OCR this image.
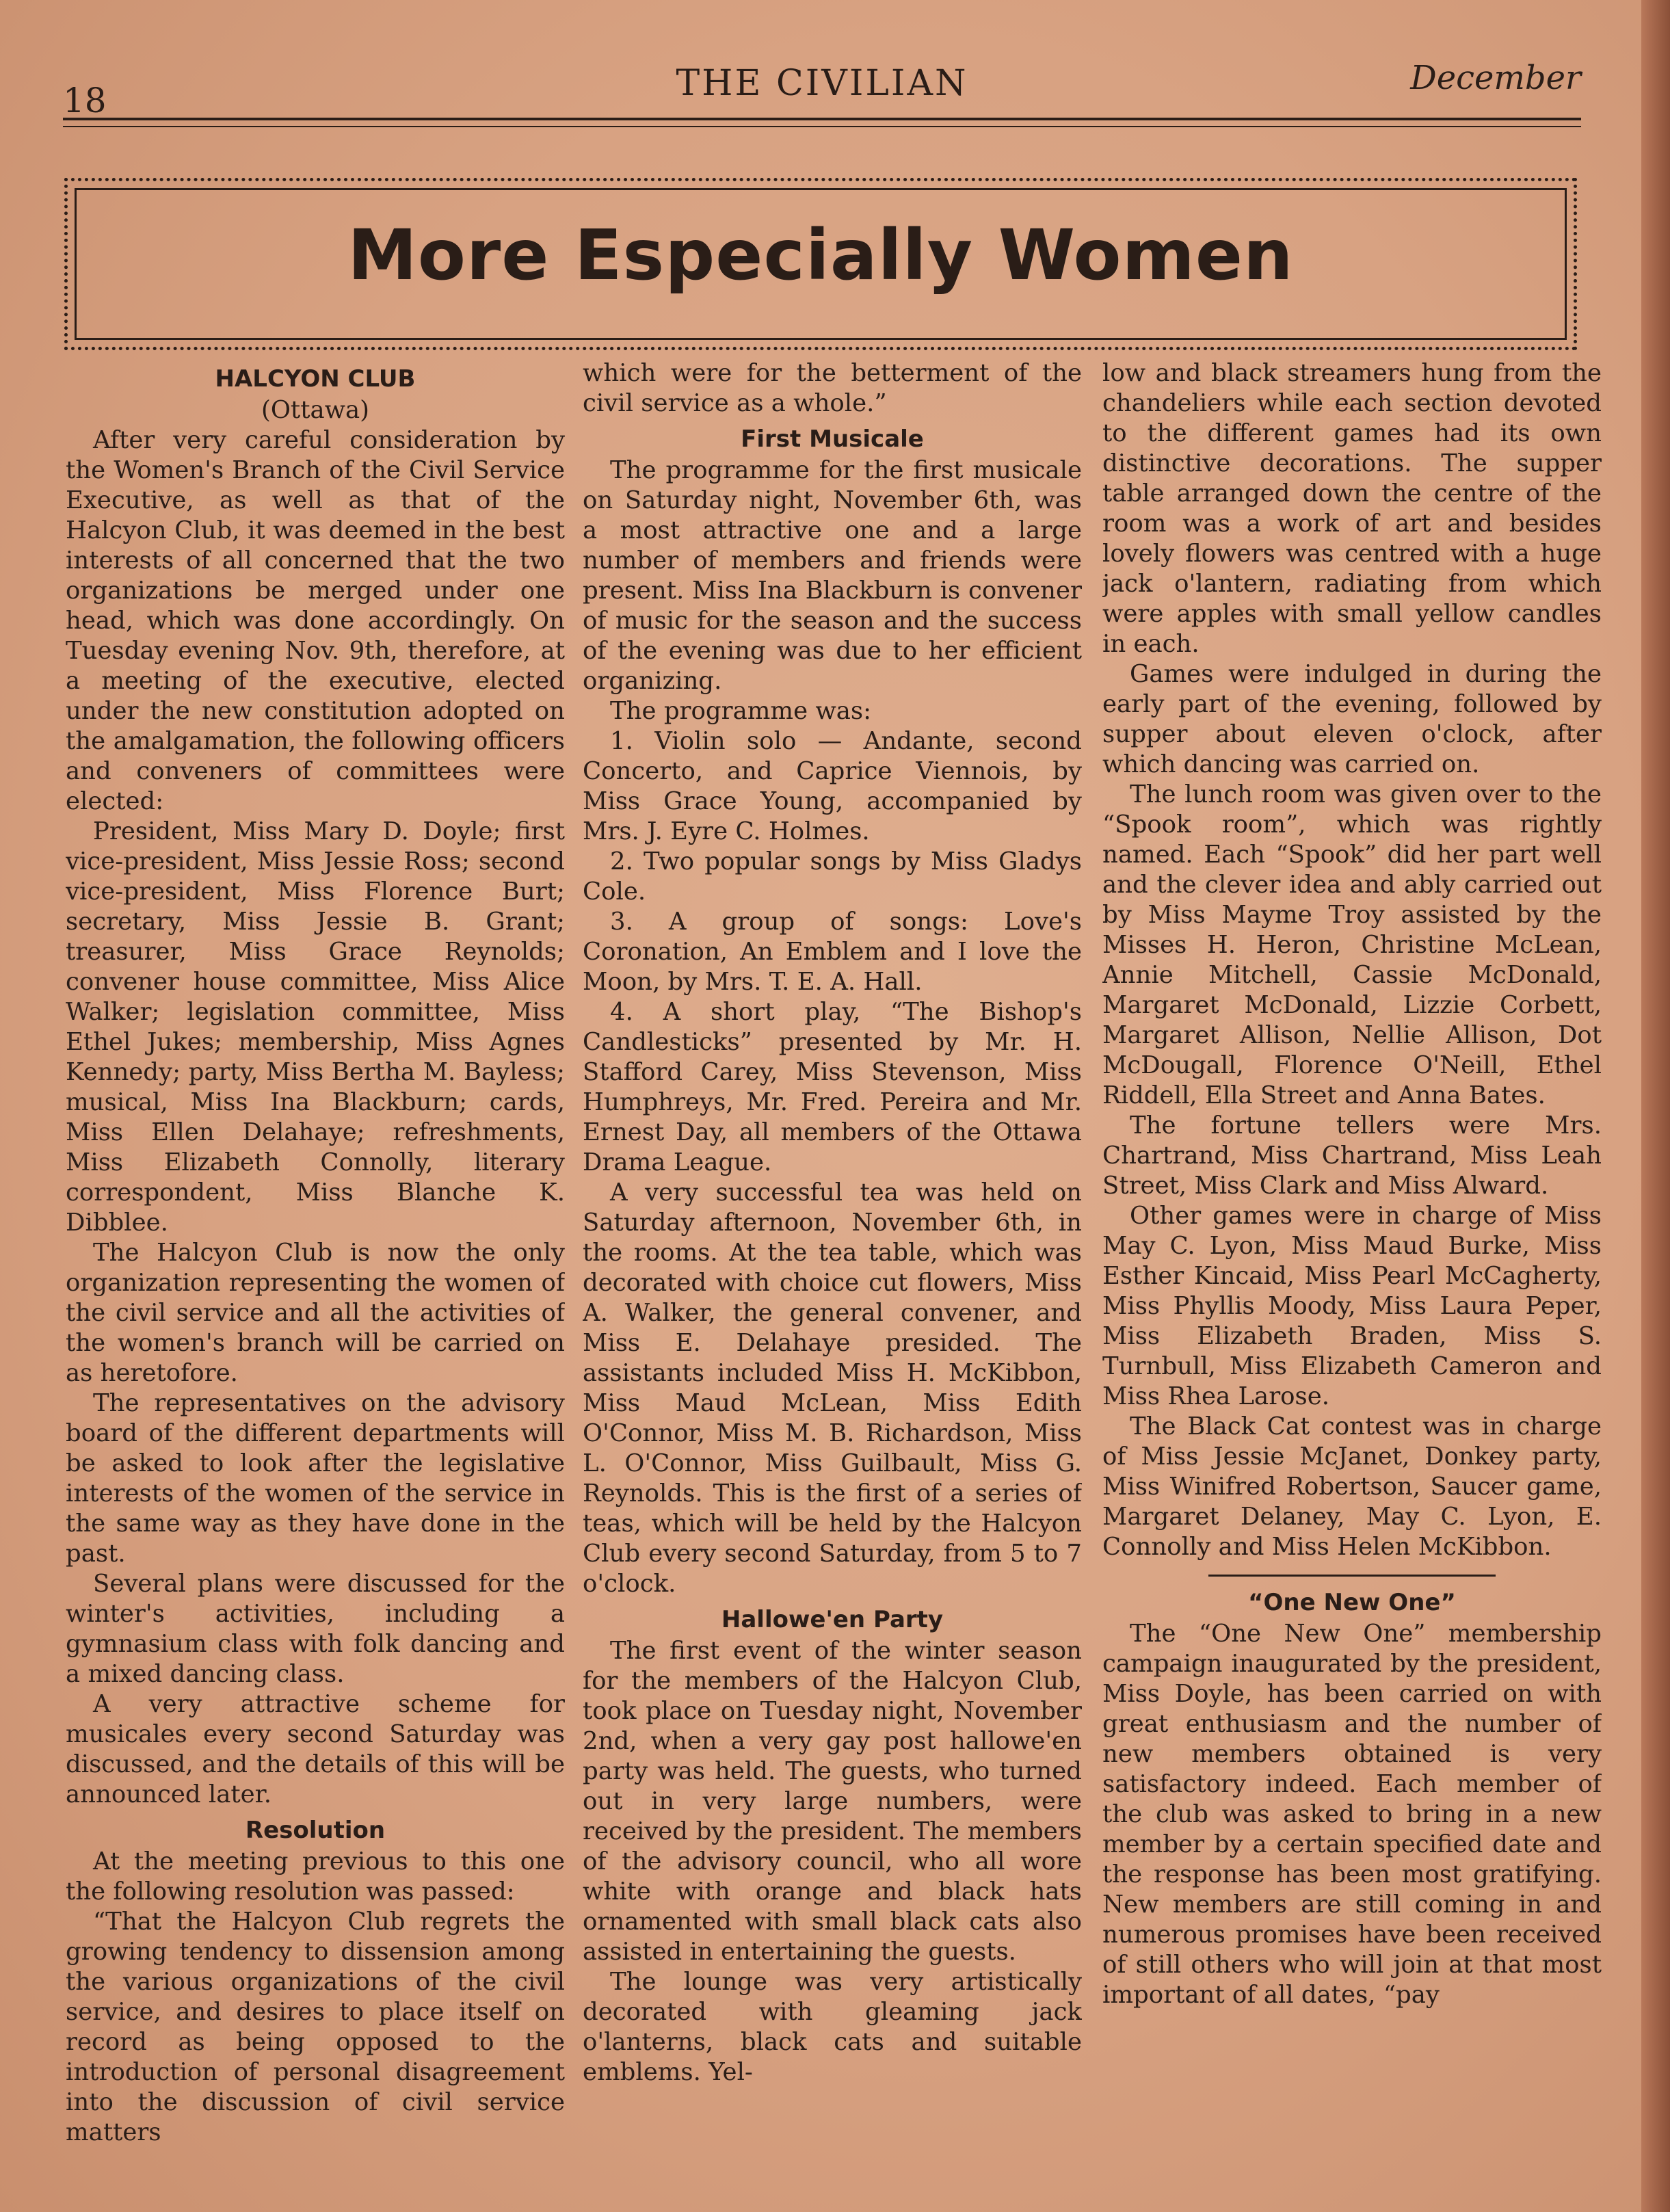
18	THE CIVILIAN	December
More Especially Women
HALCYON CLUB

(Ottawa)

After very careful consideration by the Women's Branch of the Civil Service Executive, as well as that of the Halcyon Club, it was deemed in the best interests of all concerned that the two organizations be merged under one head, which was done accordingly. On Tuesday evening Nov. 9th, therefore, at a meeting of the executive, elected under the new constitution adopted on the amalgamation, the following officers and conveners of committees were elected:

President, Miss Mary D. Doyle; first vice-president, Miss Jessie Ross; second vice-president, Miss Florence Burt; secretary, Miss Jessie B. Grant; treasurer, Miss Grace Reynolds; convener house committee, Miss Alice Walker; legislation committee, Miss Ethel Jukes; membership, Miss Agnes Kennedy; party, Miss Bertha M. Bayless; musical, Miss Ina Blackburn; cards, Miss Ellen Delahaye; refreshments, Miss Elizabeth Connolly, literary correspondent, Miss Blanche K. Dibblee.

The Halcyon Club is now the only organization representing the women of the civil service and all the activities of the women's branch will be carried on as heretofore.

The representatives on the advisory board of the different departments will be asked to look after the legislative interests of the women of the service in the same way as they have done in the past.

Several plans were discussed for the winter's activities, including a gymnasium class with folk dancing and a mixed dancing class.

A very attractive scheme for musicales every second Saturday was discussed, and the details of this will be announced later.

Resolution

At the meeting previous to this one the following resolution was passed:

“That the Halcyon Club regrets the growing tendency to dissension among the various organizations of the civil service, and desires to place itself on record as being opposed to the introduction of personal disagreement into the discussion of civil service matters

which were for the betterment of the civil service as a whole.”

First Musicale

The programme for the first musicale on Saturday night, November 6th, was a most attractive one and a large number of members and friends were present. Miss Ina Blackburn is convener of music for the season and the success of the evening was due to her efficient organizing.

The programme was:

1. Violin solo — Andante, second Concerto, and Caprice Viennois, by Miss Grace Young, accompanied by Mrs. J. Eyre C. Holmes.

2. Two popular songs by Miss Gladys Cole.

3. A group of songs: Love's Coronation, An Emblem and I love the Moon, by Mrs. T. E. A. Hall.

4. A short play, “The Bishop's Candlesticks” presented by Mr. H. Stafford Carey, Miss Stevenson, Miss Humphreys, Mr. Fred. Pereira and Mr. Ernest Day, all members of the Ottawa Drama League.

A very successful tea was held on Saturday afternoon, November 6th, in the rooms. At the tea table, which was decorated with choice cut flowers, Miss A. Walker, the general convener, and Miss E. Delahaye presided. The assistants included Miss H. McKibbon, Miss Maud McLean, Miss Edith O'Connor, Miss M. B. Richardson, Miss L. O'Connor, Miss Guilbault, Miss G. Reynolds. This is the first of a series of teas, which will be held by the Halcyon Club every second Saturday, from 5 to 7 o'clock.

Hallowe'en Party

The first event of the winter season for the members of the Halcyon Club, took place on Tuesday night, November 2nd, when a very gay post hallowe'en party was held. The guests, who turned out in very large numbers, were received by the president. The members of the advisory council, who all wore white with orange and black hats ornamented with small black cats also assisted in entertaining the guests.

The lounge was very artistically decorated with gleaming jack o'lanterns, black cats and suitable emblems. Yel-

low and black streamers hung from the chandeliers while each section devoted to the different games had its own distinctive decorations. The supper table arranged down the centre of the room was a work of art and besides lovely flowers was centred with a huge jack o'lantern, radiating from which were apples with small yellow candles in each.

Games were indulged in during the early part of the evening, followed by supper about eleven o'clock, after which dancing was carried on.

The lunch room was given over to the “Spook room”, which was rightly named. Each “Spook” did her part well and the clever idea and ably carried out by Miss Mayme Troy assisted by the Misses H. Heron, Christine McLean, Annie Mitchell, Cassie McDonald, Margaret McDonald, Lizzie Corbett, Margaret Allison, Nellie Allison, Dot McDougall, Florence O'Neill, Ethel Riddell, Ella Street and Anna Bates.

The fortune tellers were Mrs. Chartrand, Miss Chartrand, Miss Leah Street, Miss Clark and Miss Alward.

Other games were in charge of Miss May C. Lyon, Miss Maud Burke, Miss Esther Kincaid, Miss Pearl McCagherty, Miss Phyllis Moody, Miss Laura Peper, Miss Elizabeth Braden, Miss S. Turnbull, Miss Elizabeth Cameron and Miss Rhea Larose.

The Black Cat contest was in charge of Miss Jessie McJanet, Donkey party, Miss Winifred Robertson, Saucer game, Margaret Delaney, May C. Lyon, E. Connolly and Miss Helen McKibbon.

“One New One”

The “One New One” membership campaign inaugurated by the president, Miss Doyle, has been carried on with great enthusiasm and the number of new members obtained is very satisfactory indeed. Each member of the club was asked to bring in a new member by a certain specified date and the response has been most gratifying. New members are still coming in and numerous promises have been received of still others who will join at that most important of all dates, “pay
